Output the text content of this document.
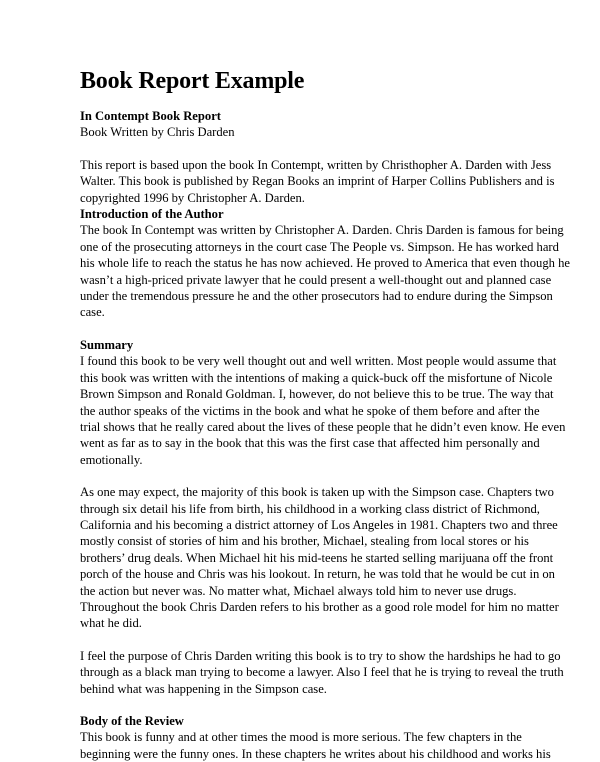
Book Report Example
In Contempt Book Report
Book Written by Chris Darden
This report is based upon the book In Contempt, written by Christhopher A. Darden with Jess
Walter. This book is published by Regan Books an imprint of Harper Collins Publishers and is
copyrighted 1996 by Christopher A. Darden.
Introduction of the Author
The book In Contempt was written by Christopher A. Darden. Chris Darden is famous for being
one of the prosecuting attorneys in the court case The People vs. Simpson. He has worked hard
his whole life to reach the status he has now achieved. He proved to America that even though he
wasn’t a high-priced private lawyer that he could present a well-thought out and planned case
under the tremendous pressure he and the other prosecutors had to endure during the Simpson
case.
Summary
I found this book to be very well thought out and well written. Most people would assume that
this book was written with the intentions of making a quick-buck off the misfortune of Nicole
Brown Simpson and Ronald Goldman. I, however, do not believe this to be true. The way that
the author speaks of the victims in the book and what he spoke of them before and after the
trial shows that he really cared about the lives of these people that he didn’t even know. He even
went as far as to say in the book that this was the first case that affected him personally and
emotionally.
As one may expect, the majority of this book is taken up with the Simpson case. Chapters two
through six detail his life from birth, his childhood in a working class district of Richmond,
California and his becoming a district attorney of Los Angeles in 1981. Chapters two and three
mostly consist of stories of him and his brother, Michael, stealing from local stores or his
brothers’ drug deals. When Michael hit his mid-teens he started selling marijuana off the front
porch of the house and Chris was his lookout. In return, he was told that he would be cut in on
the action but never was. No matter what, Michael always told him to never use drugs.
Throughout the book Chris Darden refers to his brother as a good role model for him no matter
what he did.
I feel the purpose of Chris Darden writing this book is to try to show the hardships he had to go
through as a black man trying to become a lawyer. Also I feel that he is trying to reveal the truth
behind what was happening in the Simpson case.
Body of the Review
This book is funny and at other times the mood is more serious. The few chapters in the
beginning were the funny ones. In these chapters he writes about his childhood and works his
